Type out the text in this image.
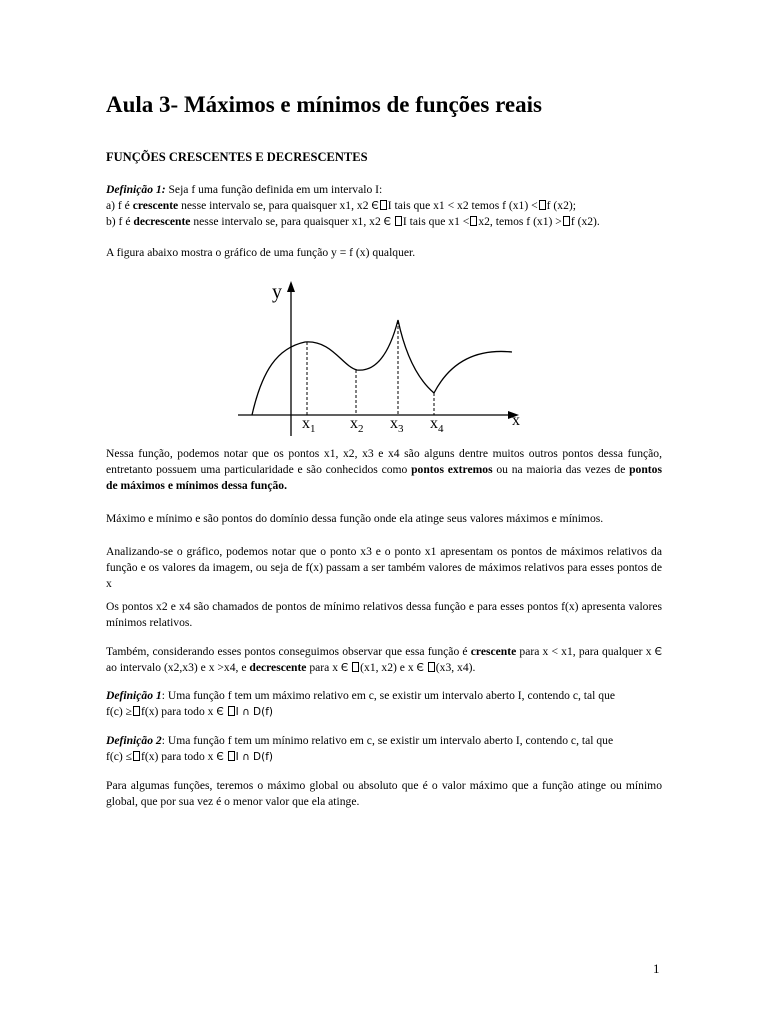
Aula 3- Máximos e mínimos de funções reais

FUNÇÕES CRESCENTES E DECRESCENTES

Definição 1: Seja f uma função definida em um intervalo I:
a) f é crescente nesse intervalo se, para quaisquer x1, x2 Є I tais que x1 < x2 temos f (x1) < f (x2);
b) f é decrescente nesse intervalo se, para quaisquer x1, x2 Є I tais que x1 < x2, temos f (x1) > f (x2).

A figura abaixo mostra o gráfico de uma função y = f (x) qualquer.

y
x
$x_1$ $x_2$ $x_3$ $x_4$

Nessa função, podemos notar que os pontos x1, x2, x3 e x4 são alguns dentre muitos outros pontos dessa função, entretanto possuem uma particularidade e são conhecidos como pontos extremos ou na maioria das vezes de pontos de máximos e mínimos dessa função.

Máximo e mínimo e são pontos do domínio dessa função onde ela atinge seus valores máximos e mínimos.

Analizando-se o gráfico, podemos notar que o ponto x3 e o ponto x1 apresentam os pontos de máximos relativos da função e os valores da imagem, ou seja de f(x) passam a ser também valores de máximos relativos para esses pontos de x

Os pontos x2 e x4 são chamados de pontos de mínimo relativos dessa função e para esses pontos f(x) apresenta valores mínimos relativos.

Também, considerando esses pontos conseguimos observar que essa função é crescente para x < x1, para qualquer x Є ao intervalo (x2,x3) e x >x4, e decrescente para x Є (x1, x2) e x Є (x3, x4).

Definição 1: Uma função f tem um máximo relativo em c, se existir um intervalo aberto I, contendo c, tal que
f(c) ≥ f(x) para todo x Є I ∩ D(f)
Definição 2: Uma função f tem um mínimo relativo em c, se existir um intervalo aberto I, contendo c, tal que
f(c) ≤ f(x) para todo x Є I ∩ D(f)

Para algumas funções, teremos o máximo global ou absoluto que é o valor máximo que a função atinge ou mínimo global, que por sua vez é o menor valor que ela atinge.

1
